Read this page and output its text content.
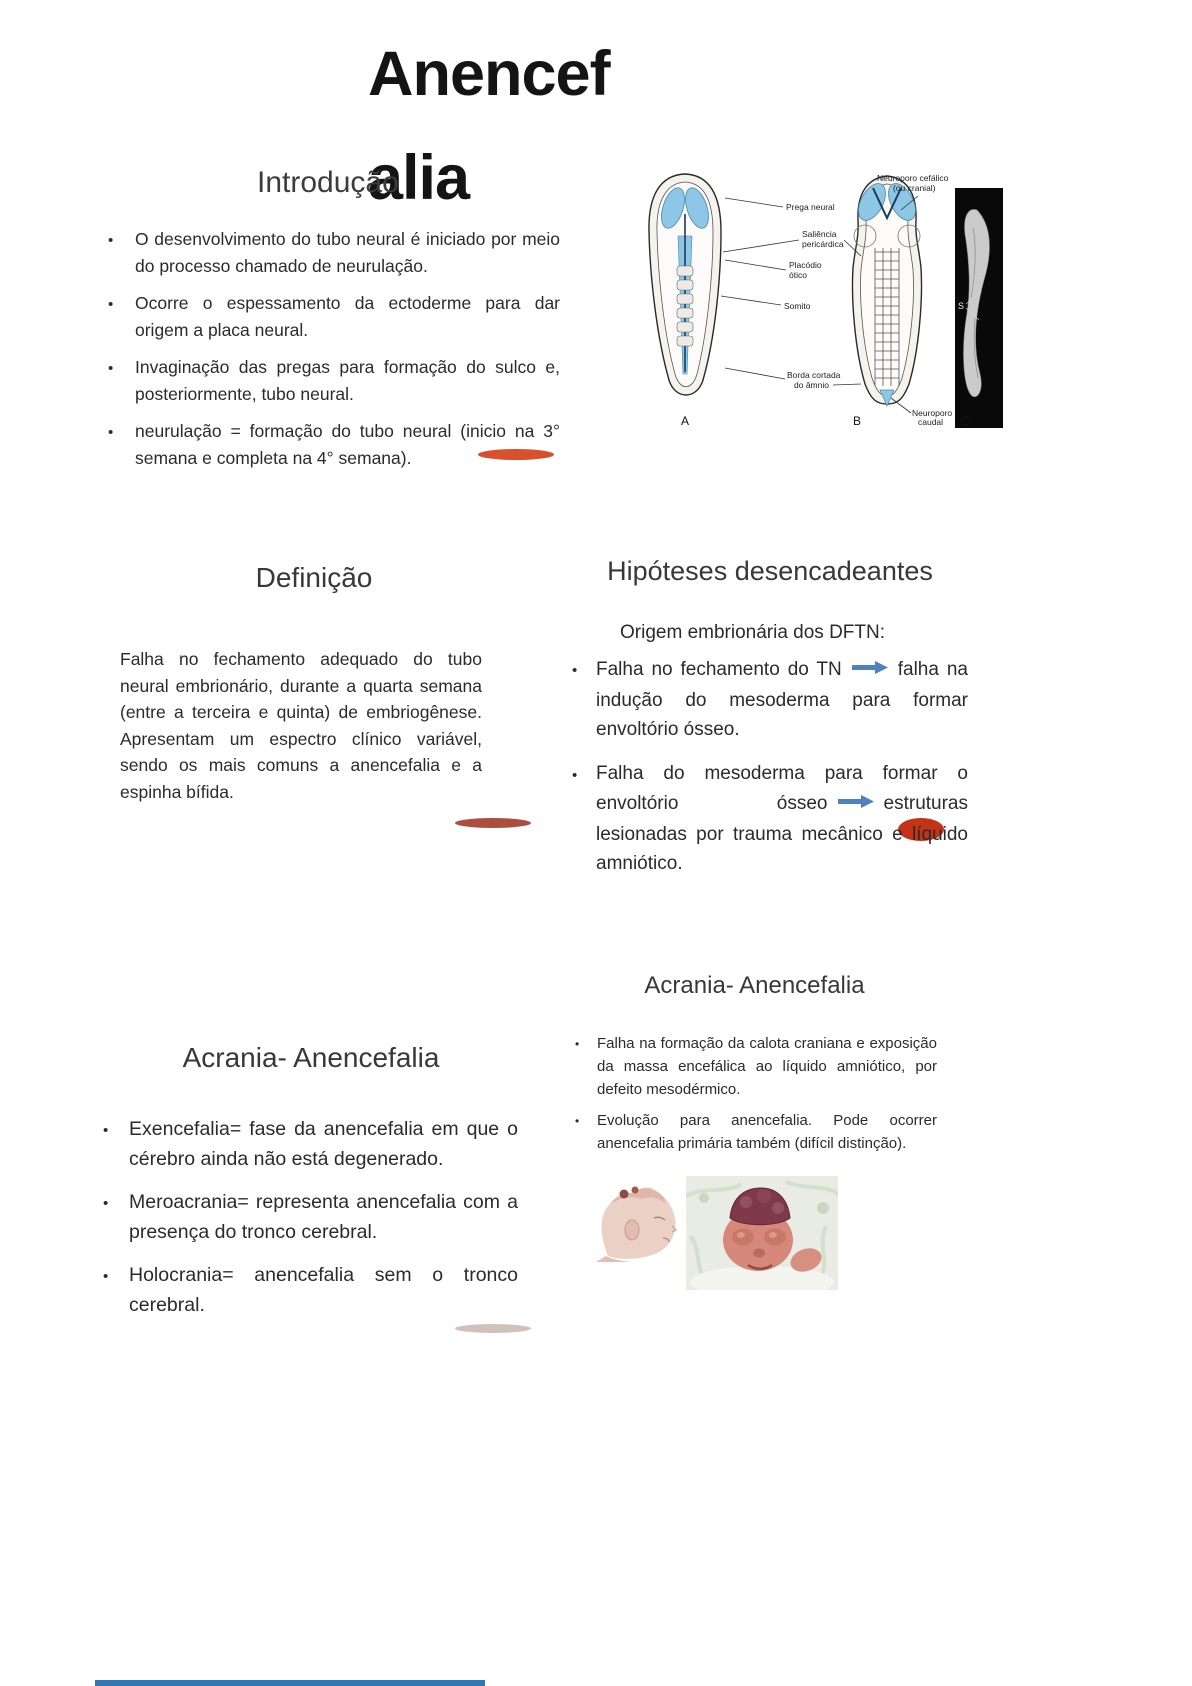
Anencef
alia
Introdução
• O desenvolvimento do tubo neural é iniciado por meio do processo chamado de neurulação.
• Ocorre o espessamento da ectoderme para dar origem a placa neural.
• Invaginação das pregas para formação do sulco e, posteriormente, tubo neural.
• neurulação = formação do tubo neural (inicio na 3° semana e completa na 4° semana).
Neuroporo cefálico
(ou cranial)
Prega neural
Saliência
pericárdica
Placódio
ótico
Somito
Borda cortada
do âmnio
Neuroporo
caudal
S
A	B	C
Definição
Falha no fechamento adequado do tubo neural embrionário, durante a quarta semana (entre a terceira e quinta) de embriogênese. Apresentam um espectro clínico variável, sendo os mais comuns a anencefalia e a espinha bífida.
Hipóteses desencadeantes
Origem embrionária dos DFTN:
• Falha no fechamento do TN	falha na indução do mesoderma para formar envoltório ósseo.
• Falha do mesoderma para formar o envoltório ósseo	estruturas lesionadas por trauma mecânico e líquido amniótico.
Acrania- Anencefalia
• Falha na formação da calota craniana e exposição da massa encefálica ao líquido amniótico, por defeito mesodérmico.
• Evolução para anencefalia. Pode ocorrer anencefalia primária também (difícil distinção).
Acrania- Anencefalia
• Exencefalia= fase da anencefalia em que o cérebro ainda não está degenerado.
• Meroacrania= representa anencefalia com a presença do tronco cerebral.
• Holocrania= anencefalia sem o tronco cerebral.
